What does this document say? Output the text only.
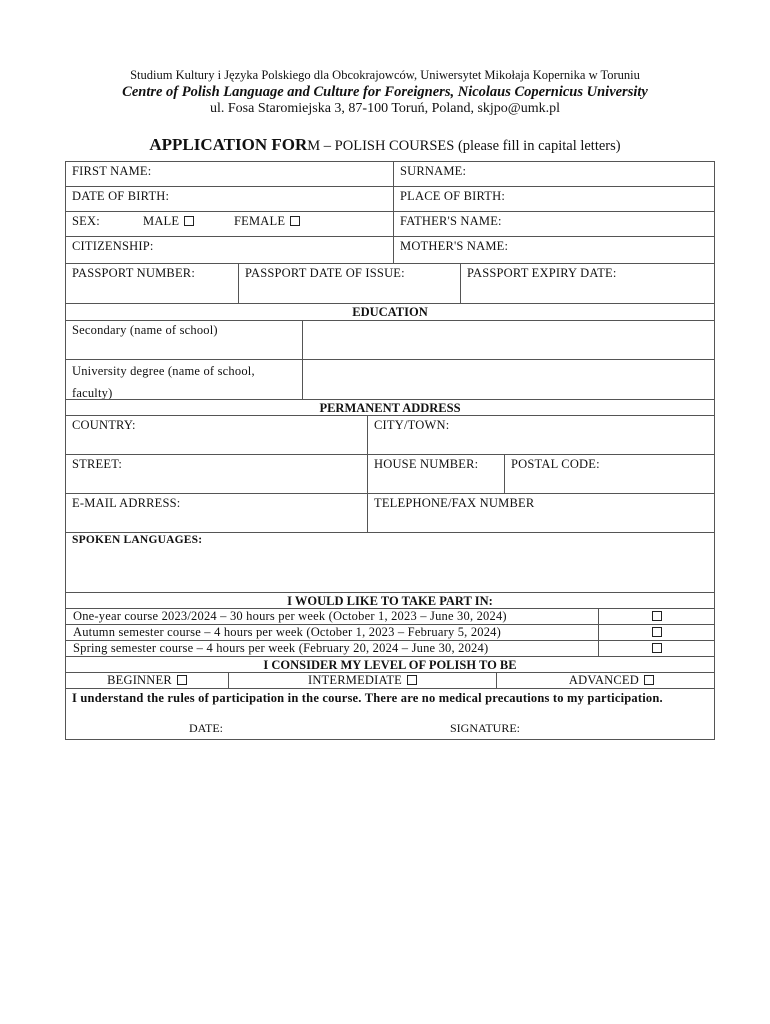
Studium Kultury i Języka Polskiego dla Obcokrajowców, Uniwersytet Mikołaja Kopernika w Toruniu
Centre of Polish Language and Culture for Foreigners, Nicolaus Copernicus University
ul. Fosa Staromiejska 3, 87-100 Toruń, Poland, skjpo@umk.pl
APPLICATION FORM – POLISH COURSES (please fill in capital letters)
FIRST NAME:	SURNAME:
DATE OF BIRTH:	PLACE OF BIRTH:
SEX:	MALE	FEMALE	FATHER'S NAME:
CITIZENSHIP:	MOTHER'S NAME:
PASSPORT NUMBER:	PASSPORT DATE OF ISSUE:	PASSPORT EXPIRY DATE:
EDUCATION
Secondary (name of school)
University degree (name of school, faculty)
PERMANENT ADDRESS
COUNTRY:	CITY/TOWN:
STREET:	HOUSE NUMBER:	POSTAL CODE:
E-MAIL ADRRESS:	TELEPHONE/FAX NUMBER
SPOKEN LANGUAGES:
I WOULD LIKE TO TAKE PART IN:
One-year course 2023/2024 – 30 hours per week (October 1, 2023 – June 30, 2024)
Autumn semester course – 4 hours per week (October 1, 2023 – February 5, 2024)
Spring semester course – 4 hours per week (February 20, 2024 – June 30, 2024)
I CONSIDER MY LEVEL OF POLISH TO BE
BEGINNER	INTERMEDIATE	ADVANCED
I understand the rules of participation in the course. There are no medical precautions to my participation.
DATE:	SIGNATURE:
